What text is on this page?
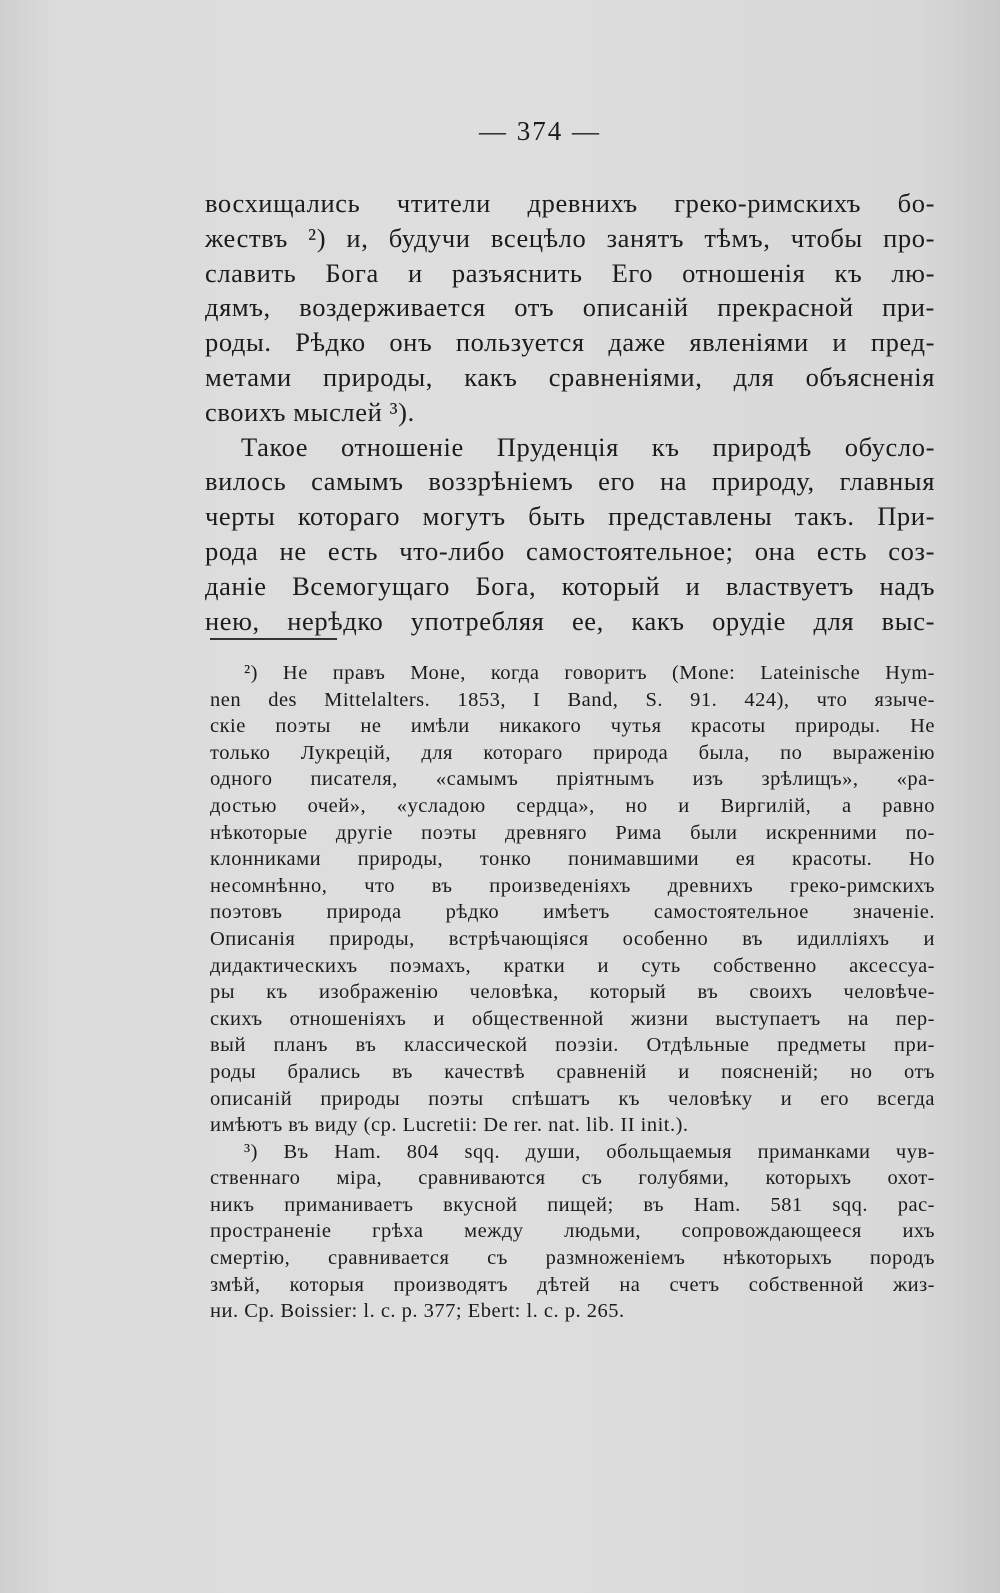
— 374 —
восхищались чтители древнихъ греко-римскихъ бо-
жествъ ²) и, будучи всецѣло занятъ тѣмъ, чтобы про-
славить Бога и разъяснить Его отношенія къ лю-
дямъ, воздерживается отъ описаній прекрасной при-
роды. Рѣдко онъ пользуется даже явленіями и пред-
метами природы, какъ сравненіями, для объясненія
своихъ мыслей ³).
Такое отношеніе Пруденція къ природѣ обусло-
вилось самымъ воззрѣніемъ его на природу, главныя
черты котораго могутъ быть представлены такъ. При-
рода не есть что-либо самостоятельное; она есть соз-
даніе Всемогущаго Бога, который и властвуетъ надъ
нею, нерѣдко употребляя ее, какъ орудіе для выс-
²) Не правъ Моне, когда говоритъ (Mone: Lateinische Hym-
nen des Mittelalters. 1853, I Band, S. 91. 424), что языче-
скіе поэты не имѣли никакого чутья красоты природы. Не
только Лукрецій, для котораго природа была, по выраженію
одного писателя, «самымъ пріятнымъ изъ зрѣлищъ», «ра-
достью очей», «усладою сердца», но и Виргилій, а равно
нѣкоторые другіе поэты древняго Рима были искренними по-
клонниками природы, тонко понимавшими ея красоты. Но
несомнѣнно, что въ произведеніяхъ древнихъ греко-римскихъ
поэтовъ природа рѣдко имѣетъ самостоятельное значеніе.
Описанія природы, встрѣчающіяся особенно въ идилліяхъ и
дидактическихъ поэмахъ, кратки и суть собственно аксессуа-
ры къ изображенію человѣка, который въ своихъ человѣче-
скихъ отношеніяхъ и общественной жизни выступаетъ на пер-
вый планъ въ классической поэзіи. Отдѣльные предметы при-
роды брались въ качествѣ сравненій и поясненій; но отъ
описаній природы поэты спѣшатъ къ человѣку и его всегда
имѣютъ въ виду (ср. Lucretii: De rer. nat. lib. II init.).
³) Въ Ham. 804 sqq. души, обольщаемыя приманками чув-
ственнаго міра, сравниваются съ голубями, которыхъ охот-
никъ приманиваетъ вкусной пищей; въ Ham. 581 sqq. рас-
пространеніе грѣха между людьми, сопровождающееся ихъ
смертію, сравнивается съ размноженіемъ нѣкоторыхъ породъ
змѣй, которыя производятъ дѣтей на счетъ собственной жиз-
ни. Ср. Boissier: l. c. p. 377; Ebert: l. c. p. 265.
